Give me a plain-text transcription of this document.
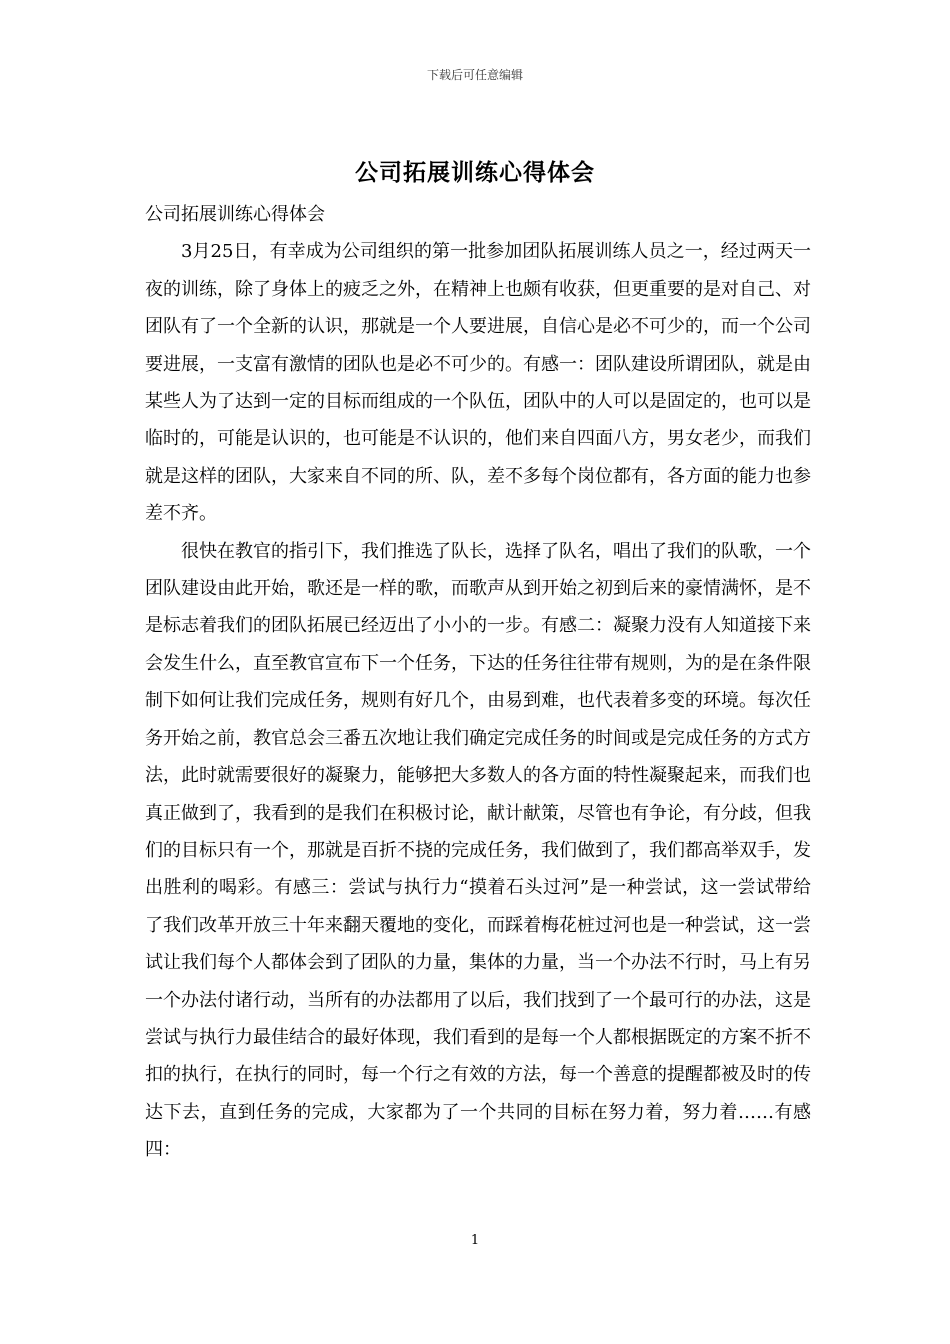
下载后可任意编辑
公司拓展训练心得体会

公司拓展训练心得体会

3月25日，有幸成为公司组织的第一批参加团队拓展训练人员之一，经过两天一夜的训练，除了身体上的疲乏之外，在精神上也颇有收获，但更重要的是对自己、对团队有了一个全新的认识，那就是一个人要进展，自信心是必不可少的，而一个公司要进展，一支富有激情的团队也是必不可少的。有感一：团队建设所谓团队，就是由某些人为了达到一定的目标而组成的一个队伍，团队中的人可以是固定的，也可以是临时的，可能是认识的，也可能是不认识的，他们来自四面八方，男女老少，而我们就是这样的团队，大家来自不同的所、队，差不多每个岗位都有，各方面的能力也参差不齐。

很快在教官的指引下，我们推选了队长，选择了队名，唱出了我们的队歌，一个团队建设由此开始，歌还是一样的歌，而歌声从到开始之初到后来的豪情满怀，是不是标志着我们的团队拓展已经迈出了小小的一步。有感二：凝聚力没有人知道接下来会发生什么，直至教官宣布下一个任务，下达的任务往往带有规则，为的是在条件限制下如何让我们完成任务，规则有好几个，由易到难，也代表着多变的环境。每次任务开始之前，教官总会三番五次地让我们确定完成任务的时间或是完成任务的方式方法，此时就需要很好的凝聚力，能够把大多数人的各方面的特性凝聚起来，而我们也真正做到了，我看到的是我们在积极讨论，献计献策，尽管也有争论，有分歧，但我们的目标只有一个，那就是百折不挠的完成任务，我们做到了，我们都高举双手，发出胜利的喝彩。有感三：尝试与执行力“摸着石头过河”是一种尝试，这一尝试带给了我们改革开放三十年来翻天覆地的变化，而踩着梅花桩过河也是一种尝试，这一尝试让我们每个人都体会到了团队的力量，集体的力量，当一个办法不行时，马上有另一个办法付诸行动，当所有的办法都用了以后，我们找到了一个最可行的办法，这是尝试与执行力最佳结合的最好体现，我们看到的是每一个人都根据既定的方案不折不扣的执行，在执行的同时，每一个行之有效的方法，每一个善意的提醒都被及时的传达下去，直到任务的完成，大家都为了一个共同的目标在努力着，努力着……有感四：

1
